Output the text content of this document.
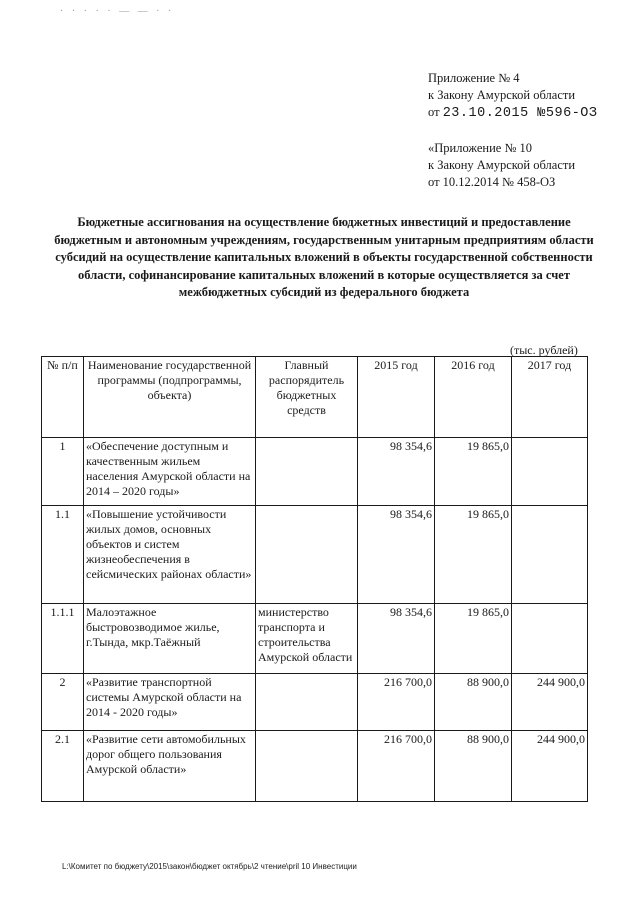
· · · · · — — · ·
Приложение № 4
к Закону Амурской области
от 23.10.2015 №596-ОЗ
«Приложение № 10
к Закону Амурской области
от 10.12.2014 № 458-ОЗ
Бюджетные ассигнования на осуществление бюджетных инвестиций и предоставление бюджетным и автономным учреждениям, государственным унитарным предприятиям области субсидий на осуществление капитальных вложений в объекты государственной собственности области, софинансирование капитальных вложений в которые осуществляется за счет межбюджетных субсидий из федерального бюджета
(тыс. рублей)
№ п/п	Наименование государственной программы (подпрограммы, объекта)	Главный распорядитель бюджетных средств	2015 год	2016 год	2017 год
1	«Обеспечение доступным и качественным жильем населения Амурской области на 2014 – 2020 годы»		98 354,6	19 865,0	
1.1	«Повышение устойчивости жилых домов, основных объектов и систем жизнеобеспечения в сейсмических районах области»		98 354,6	19 865,0	
1.1.1	Малоэтажное быстровозводимое жилье, г.Тында, мкр.Таёжный	министерство транспорта и строительства Амурской области	98 354,6	19 865,0	
2	«Развитие транспортной системы Амурской области на 2014 - 2020 годы»		216 700,0	88 900,0	244 900,0
2.1	«Развитие сети автомобильных дорог общего пользования Амурской области»		216 700,0	88 900,0	244 900,0
L:\Комитет по бюджету\2015\закон\бюджет октябрь\2 чтение\pril 10 Инвестиции
